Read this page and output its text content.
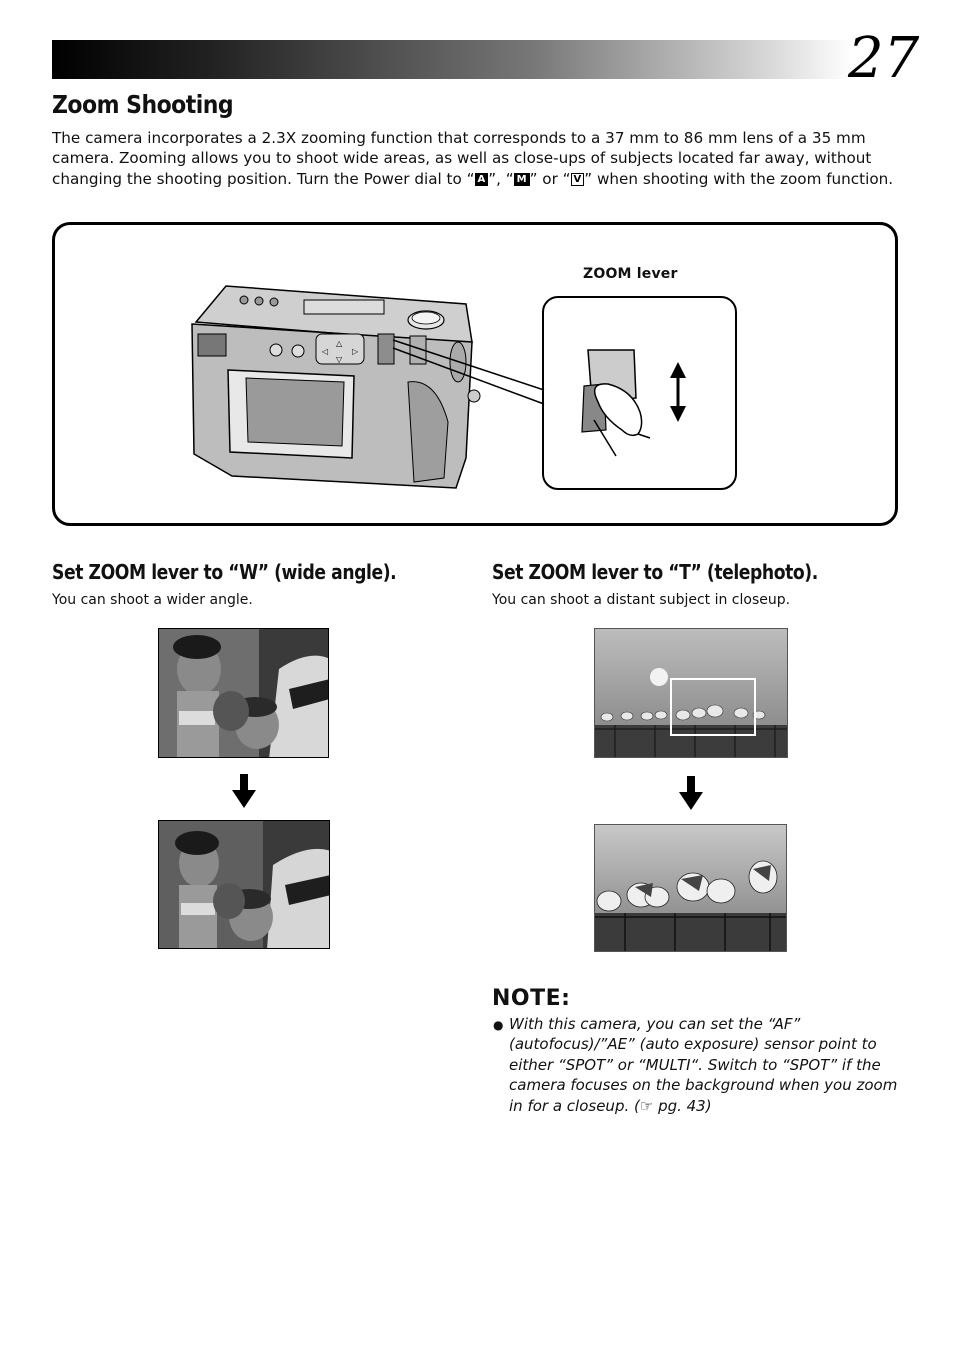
27
Zoom Shooting
The camera incorporates a 2.3X zooming function that corresponds to a 37 mm to 86 mm lens of a 35 mm camera. Zooming allows you to shoot wide areas, as well as close-ups of subjects located far away, without changing the shooting position. Turn the Power dial to “ A ”, “ M ” or “ V ” when shooting with the zoom function.
ZOOM lever
△
▽
◁	▷
Set ZOOM lever to “W” (wide angle).
You can shoot a wider angle.
Set ZOOM lever to “T” (telephoto).
You can shoot a distant subject in closeup.
NOTE:
● With this camera, you can set the “AF” (autofocus)/”AE” (auto exposure) sensor point to either “SPOT” or “MULTI“. Switch to “SPOT” if the camera focuses on the background when you zoom in for a closeup. (☞ pg. 43)
